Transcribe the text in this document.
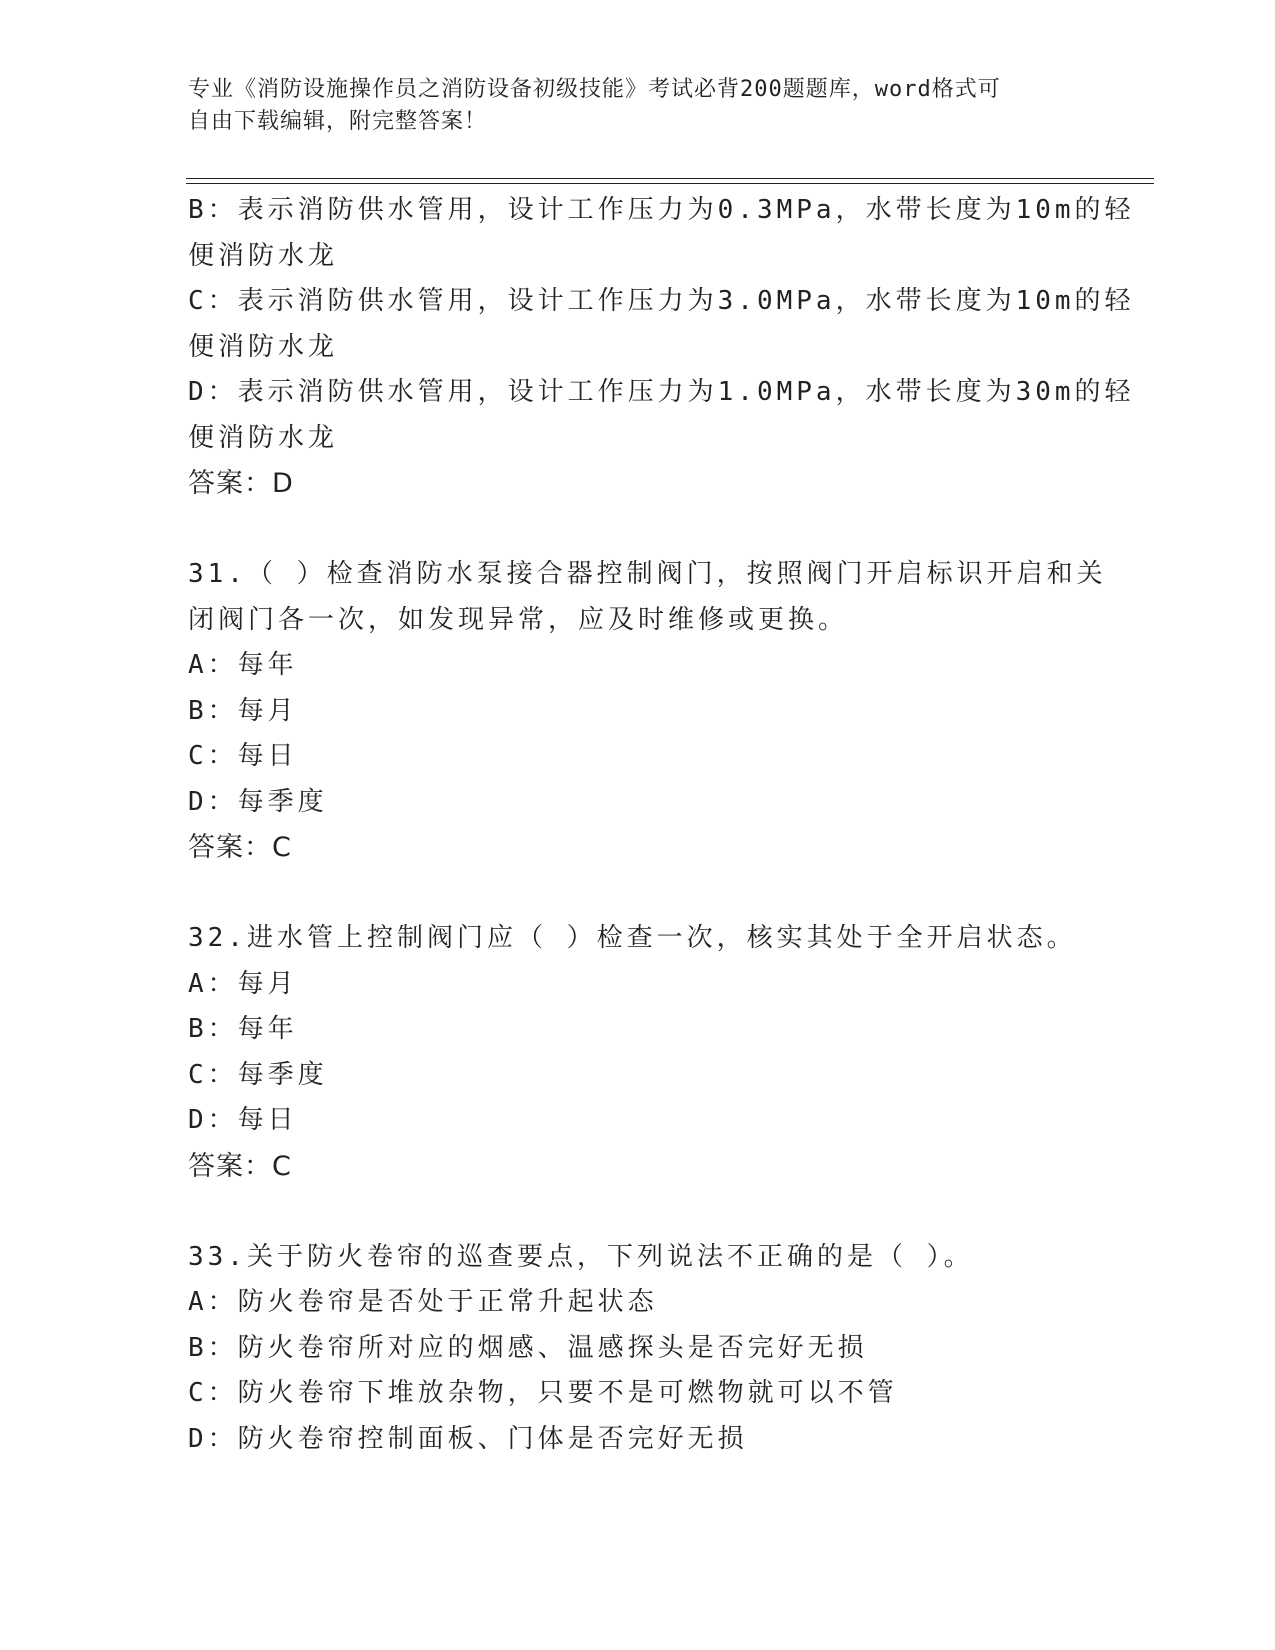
专业《消防设施操作员之消防设备初级技能》考试必背200题题库，word格式可
自由下载编辑，附完整答案！
B：表示消防供水管用，设计工作压力为0.3MPa，水带长度为10m的轻
便消防水龙
C：表示消防供水管用，设计工作压力为3.0MPa，水带长度为10m的轻
便消防水龙
D：表示消防供水管用，设计工作压力为1.0MPa，水带长度为30m的轻
便消防水龙
答案：D
31.（ ）检查消防水泵接合器控制阀门，按照阀门开启标识开启和关
闭阀门各一次，如发现异常，应及时维修或更换。
A：每年
B：每月
C：每日
D：每季度
答案：C
32.进水管上控制阀门应（ ）检查一次，核实其处于全开启状态。
A：每月
B：每年
C：每季度
D：每日
答案：C
33.关于防火卷帘的巡查要点，下列说法不正确的是（ ）。
A：防火卷帘是否处于正常升起状态
B：防火卷帘所对应的烟感、温感探头是否完好无损
C：防火卷帘下堆放杂物，只要不是可燃物就可以不管
D：防火卷帘控制面板、门体是否完好无损
